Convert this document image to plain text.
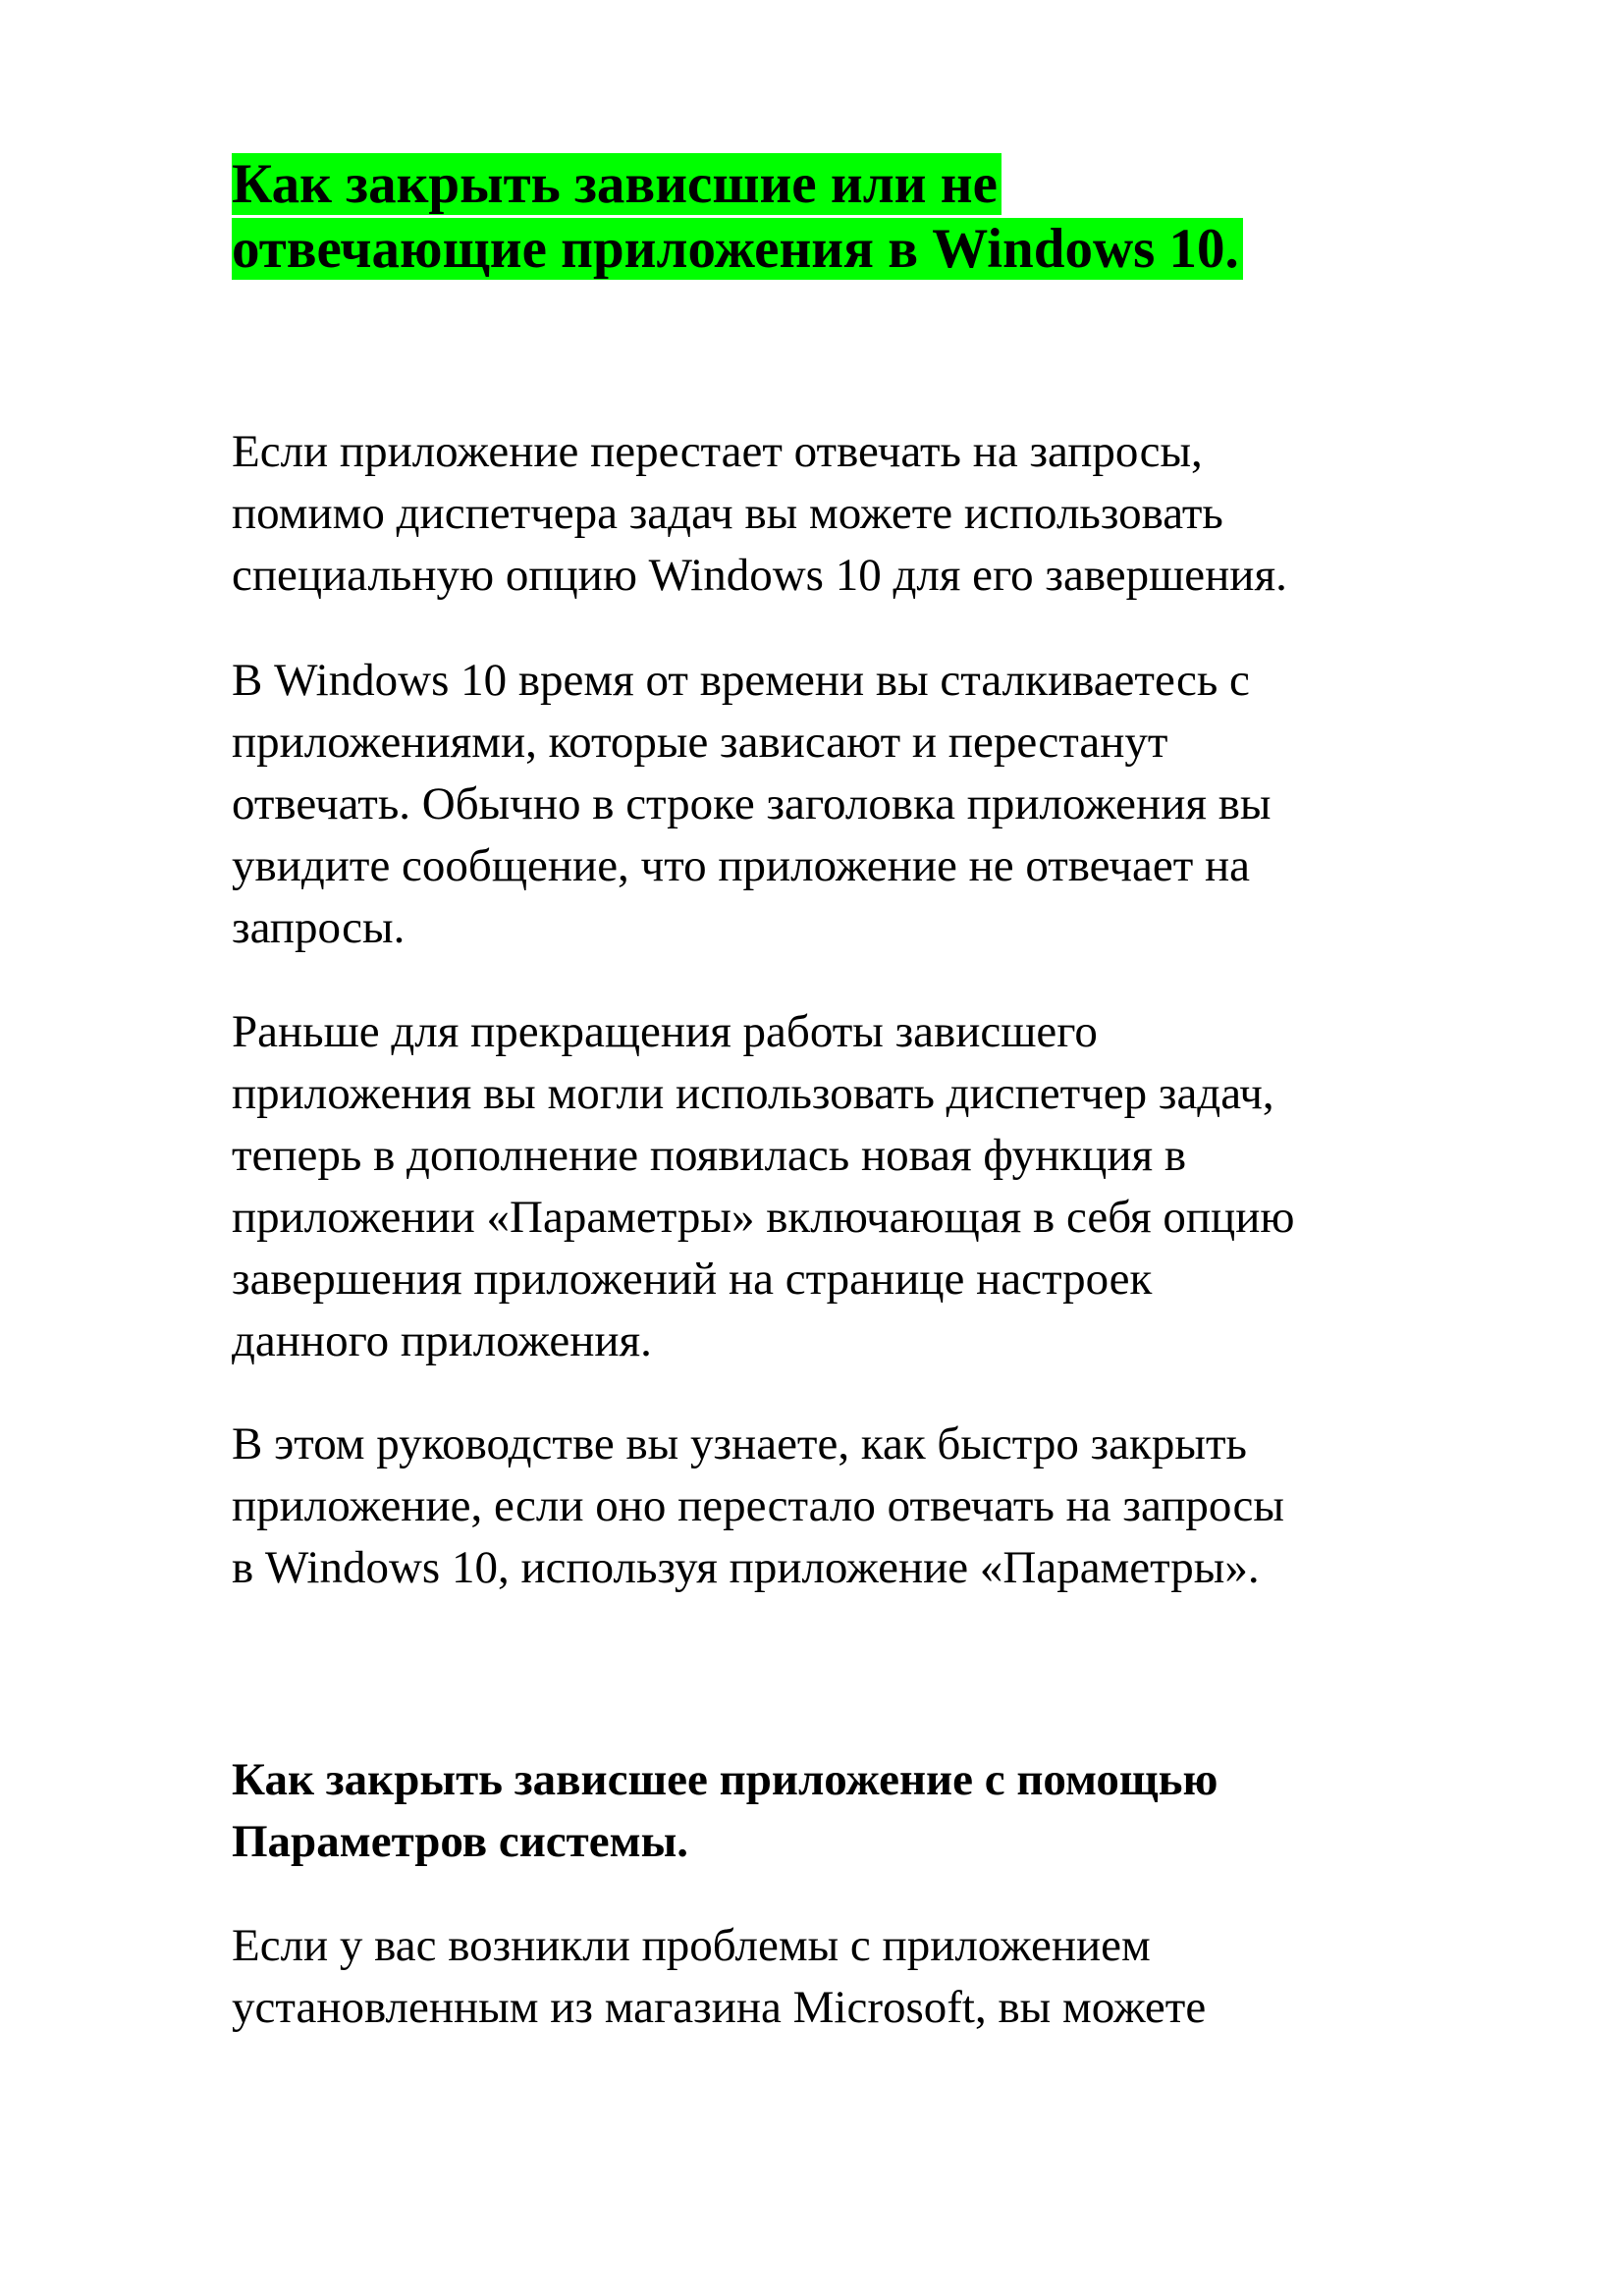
Как закрыть зависшие или не
отвечающие приложения в Windows 10.

Если приложение перестает отвечать на запросы,
помимо диспетчера задач вы можете использовать
специальную опцию Windows 10 для его завершения.

В Windows 10 время от времени вы сталкиваетесь с
приложениями, которые зависают и перестанут
отвечать. Обычно в строке заголовка приложения вы
увидите сообщение, что приложение не отвечает на
запросы.

Раньше для прекращения работы зависшего
приложения вы могли использовать диспетчер задач,
теперь в дополнение появилась новая функция в
приложении «Параметры» включающая в себя опцию
завершения приложений на странице настроек
данного приложения.

В этом руководстве вы узнаете, как быстро закрыть
приложение, если оно перестало отвечать на запросы
в Windows 10, используя приложение «Параметры».

Как закрыть зависшее приложение с помощью
Параметров системы.

Если у вас возникли проблемы с приложением
установленным из магазина Microsoft, вы можете
